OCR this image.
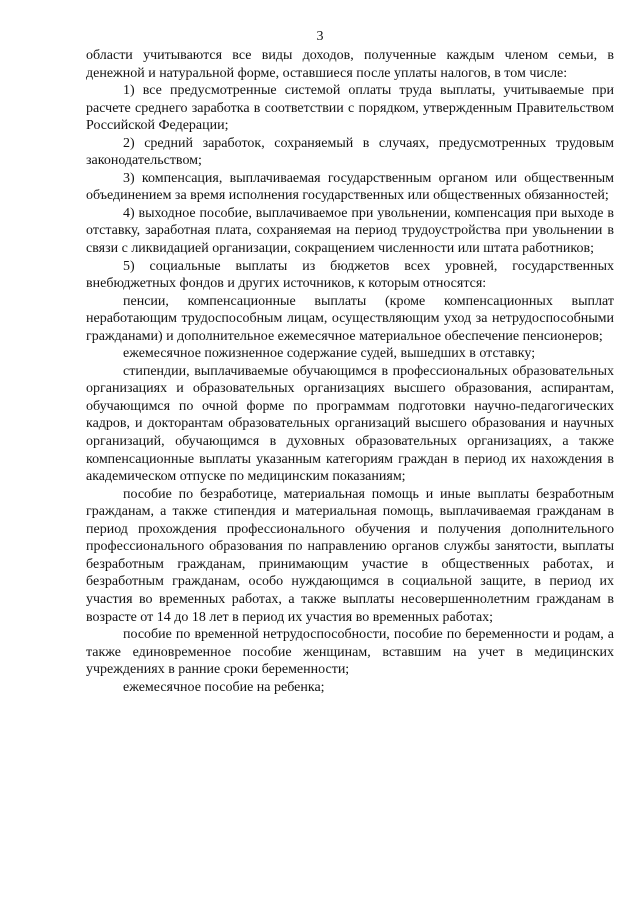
3

области учитываются все виды доходов, полученные каждым членом семьи, в денежной и натуральной форме, оставшиеся после уплаты налогов, в том числе:

1) все предусмотренные системой оплаты труда выплаты, учитываемые при расчете среднего заработка в соответствии с порядком, утвержденным Правительством Российской Федерации;

2) средний заработок, сохраняемый в случаях, предусмотренных трудовым законодательством;

3) компенсация, выплачиваемая государственным органом или общественным объединением за время исполнения государственных или общественных обязанностей;

4) выходное пособие, выплачиваемое при увольнении, компенсация при выходе в отставку, заработная плата, сохраняемая на период трудоустройства при увольнении в связи с ликвидацией организации, сокращением численности или штата работников;

5) социальные выплаты из бюджетов всех уровней, государственных внебюджетных фондов и других источников, к которым относятся:

пенсии, компенсационные выплаты (кроме компенсационных выплат неработающим трудоспособным лицам, осуществляющим уход за нетрудоспособными гражданами) и дополнительное ежемесячное материальное обеспечение пенсионеров;

ежемесячное пожизненное содержание судей, вышедших в отставку;

стипендии, выплачиваемые обучающимся в профессиональных образовательных организациях и образовательных организациях высшего образования, аспирантам, обучающимся по очной форме по программам подготовки научно-педагогических кадров, и докторантам образовательных организаций высшего образования и научных организаций, обучающимся в духовных образовательных организациях, а также компенсационные выплаты указанным категориям граждан в период их нахождения в академическом отпуске по медицинским показаниям;

пособие по безработице, материальная помощь и иные выплаты безработным гражданам, а также стипендия и материальная помощь, выплачиваемая гражданам в период прохождения профессионального обучения и получения дополнительного профессионального образования по направлению органов службы занятости, выплаты безработным гражданам, принимающим участие в общественных работах, и безработным гражданам, особо нуждающимся в социальной защите, в период их участия во временных работах, а также выплаты несовершеннолетним гражданам в возрасте от 14 до 18 лет в период их участия во временных работах;

пособие по временной нетрудоспособности, пособие по беременности и родам, а также единовременное пособие женщинам, вставшим на учет в медицинских учреждениях в ранние сроки беременности;

ежемесячное пособие на ребенка;
